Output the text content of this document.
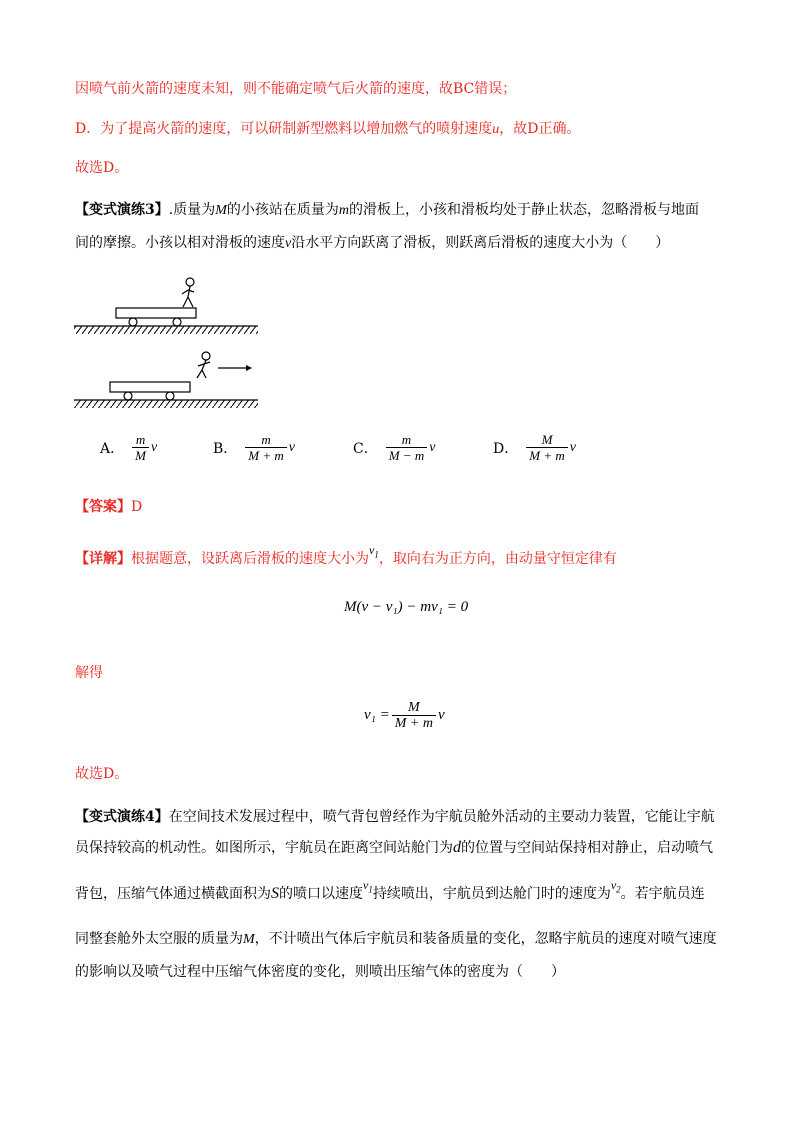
因喷气前火箭的速度未知，则不能确定喷气后火箭的速度，故BC错误；
D．为了提高火箭的速度，可以研制新型燃料以增加燃气的喷射速度u，故D正确。
故选D。
【变式演练3】.质量为M的小孩站在质量为m的滑板上，小孩和滑板均处于静止状态，忽略滑板与地面
间的摩擦。小孩以相对滑板的速度v沿水平方向跃离了滑板，则跃离后滑板的速度大小为（　　）
A． $\frac{m}{M}$ v	B． $\frac{m}{M + m}$ v	C． $\frac{m}{M - m}$ v	D． $\frac{M}{M + m}$ v
【答案】D
【详解】根据题意，设跃离后滑板的速度大小为$v_1$，取向右为正方向，由动量守恒定律有
M(v − v₁) − mv₁ = 0
解得
$v_1 = \frac{M}{M + m}$ v
故选D。
【变式演练4】在空间技术发展过程中，喷气背包曾经作为宇航员舱外活动的主要动力装置，它能让宇航
员保持较高的机动性。如图所示，宇航员在距离空间站舱门为d的位置与空间站保持相对静止，启动喷气
背包，压缩气体通过横截面积为S的喷口以速度$v_1$持续喷出，宇航员到达舱门时的速度为$v_2$。若宇航员连
同整套舱外太空服的质量为M，不计喷出气体后宇航员和装备质量的变化，忽略宇航员的速度对喷气速度
的影响以及喷气过程中压缩气体密度的变化，则喷出压缩气体的密度为（　　）
